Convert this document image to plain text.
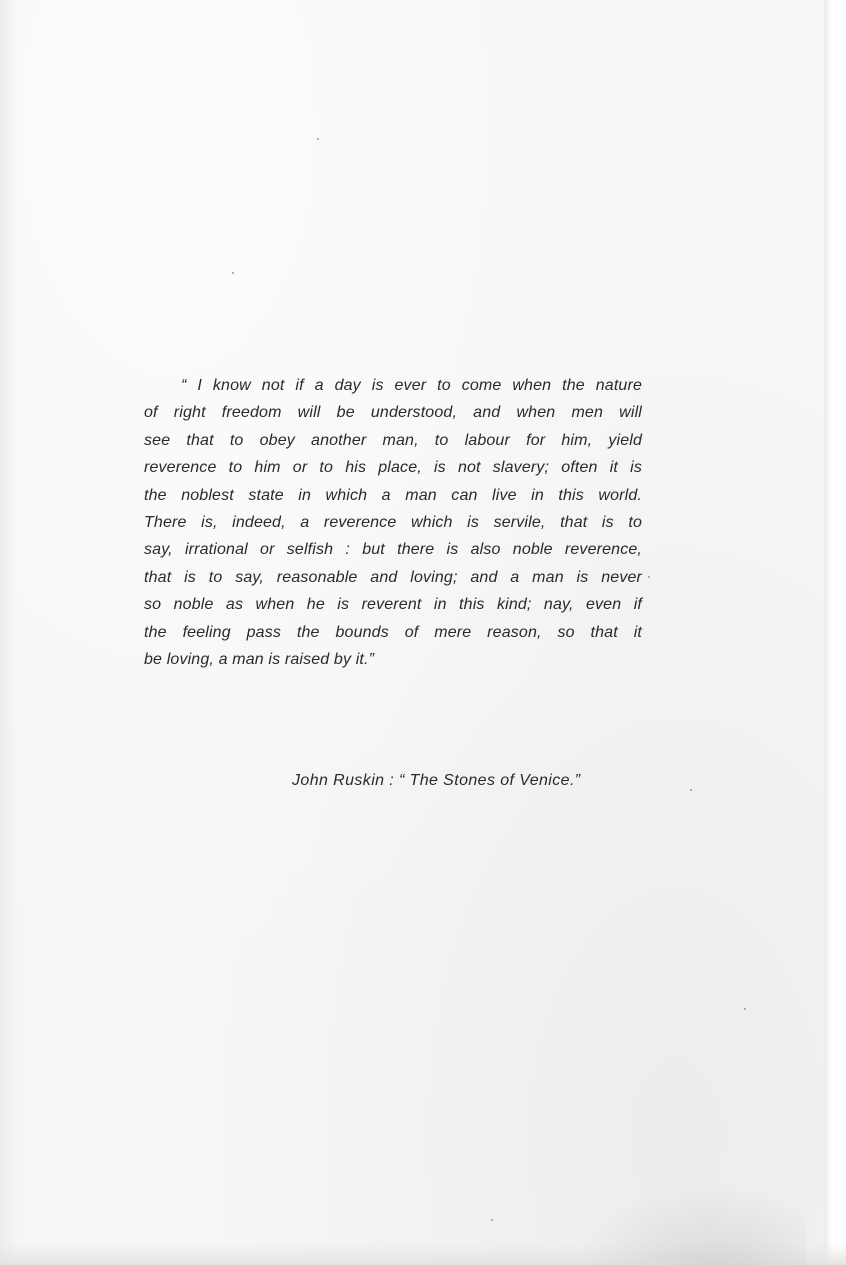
“ I know not if a day is ever to come when the nature
of right freedom will be understood, and when men will
see that to obey another man, to labour for him, yield
reverence to him or to his place, is not slavery; often it is
the noblest state in which a man can live in this world.
There is, indeed, a reverence which is servile, that is to
say, irrational or selfish : but there is also noble reverence,
that is to say, reasonable and loving; and a man is never
so noble as when he is reverent in this kind; nay, even if
the feeling pass the bounds of mere reason, so that it
be loving, a man is raised by it.”

John Ruskin : “ The Stones of Venice.”
